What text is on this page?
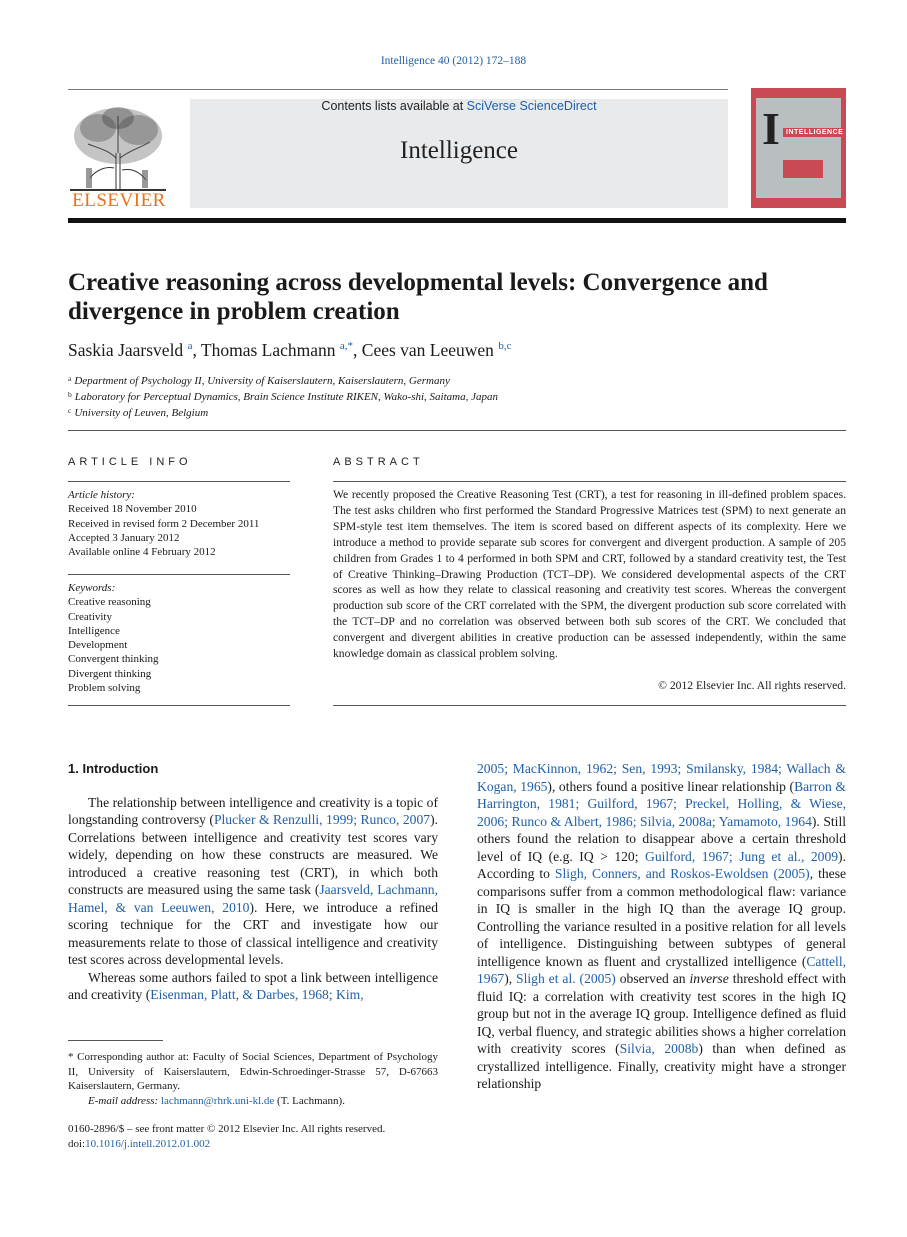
Intelligence 40 (2012) 172–188
ELSEVIER
Contents lists available at SciVerse ScienceDirect
Intelligence	I INTELLIGENCE
Creative reasoning across developmental levels: Convergence and divergence in problem creation
Saskia Jaarsveld $^a$, Thomas Lachmann $^{a,*}$, Cees van Leeuwen $^{b,c}$
$^a$ Department of Psychology II, University of Kaiserslautern, Kaiserslautern, Germany
$^b$ Laboratory for Perceptual Dynamics, Brain Science Institute RIKEN, Wako-shi, Saitama, Japan
$^c$ University of Leuven, Belgium
ARTICLE INFO	ABSTRACT
Article history:
Received 18 November 2010
Received in revised form 2 December 2011
Accepted 3 January 2012
Available online 4 February 2012
Keywords:
Creative reasoning
Creativity
Intelligence
Development
Convergent thinking
Divergent thinking
Problem solving
We recently proposed the Creative Reasoning Test (CRT), a test for reasoning in ill-defined problem spaces. The test asks children who first performed the Standard Progressive Matrices test (SPM) to next generate an SPM-style test item themselves. The item is scored based on different aspects of its complexity. Here we introduce a method to provide separate sub scores for convergent and divergent production. A sample of 205 children from Grades 1 to 4 performed in both SPM and CRT, followed by a standard creativity test, the Test of Creative Thinking–Drawing Production (TCT–DP). We considered developmental aspects of the CRT scores as well as how they relate to classical reasoning and creativity test scores. Whereas the convergent production sub score of the CRT correlated with the SPM, the divergent production sub score correlated with the TCT–DP and no correlation was observed between both sub scores of the CRT. We concluded that convergent and divergent abilities in creative production can be assessed independently, within the same knowledge domain as classical problem solving.
© 2012 Elsevier Inc. All rights reserved.
1. Introduction

The relationship between intelligence and creativity is a topic of longstanding controversy (Plucker & Renzulli, 1999; Runco, 2007). Correlations between intelligence and creativity test scores vary widely, depending on how these constructs are measured. We introduced a creative reasoning test (CRT), in which both constructs are measured using the same task (Jaarsveld, Lachmann, Hamel, & van Leeuwen, 2010). Here, we introduce a refined scoring technique for the CRT and investigate how our measurements relate to those of classical intelligence and creativity test scores across developmental levels.

Whereas some authors failed to spot a link between intelligence and creativity (Eisenman, Platt, & Darbes, 1968; Kim,

2005; MacKinnon, 1962; Sen, 1993; Smilansky, 1984; Wallach & Kogan, 1965), others found a positive linear relationship (Barron & Harrington, 1981; Guilford, 1967; Preckel, Holling, & Wiese, 2006; Runco & Albert, 1986; Silvia, 2008a; Yamamoto, 1964). Still others found the relation to disappear above a certain threshold level of IQ (e.g. IQ > 120; Guilford, 1967; Jung et al., 2009). According to Sligh, Conners, and Roskos-Ewoldsen (2005), these comparisons suffer from a common methodological flaw: variance in IQ is smaller in the high IQ than the average IQ group. Controlling the variance resulted in a positive relation for all levels of intelligence. Distinguishing between subtypes of general intelligence known as fluent and crystallized intelligence (Cattell, 1967), Sligh et al. (2005) observed an inverse threshold effect with fluid IQ: a correlation with creativity test scores in the high IQ group but not in the average IQ group. Intelligence defined as fluid IQ, verbal fluency, and strategic abilities shows a higher correlation with creativity scores (Silvia, 2008b) than when defined as crystallized intelligence. Finally, creativity might have a stronger relationship
* Corresponding author at: Faculty of Social Sciences, Department of Psychology II, University of Kaiserslautern, Edwin-Schroedinger-Strasse 57, D-67663 Kaiserslautern, Germany.
E-mail address: lachmann@rhrk.uni-kl.de (T. Lachmann).
0160-2896/$ – see front matter © 2012 Elsevier Inc. All rights reserved.
doi:10.1016/j.intell.2012.01.002
